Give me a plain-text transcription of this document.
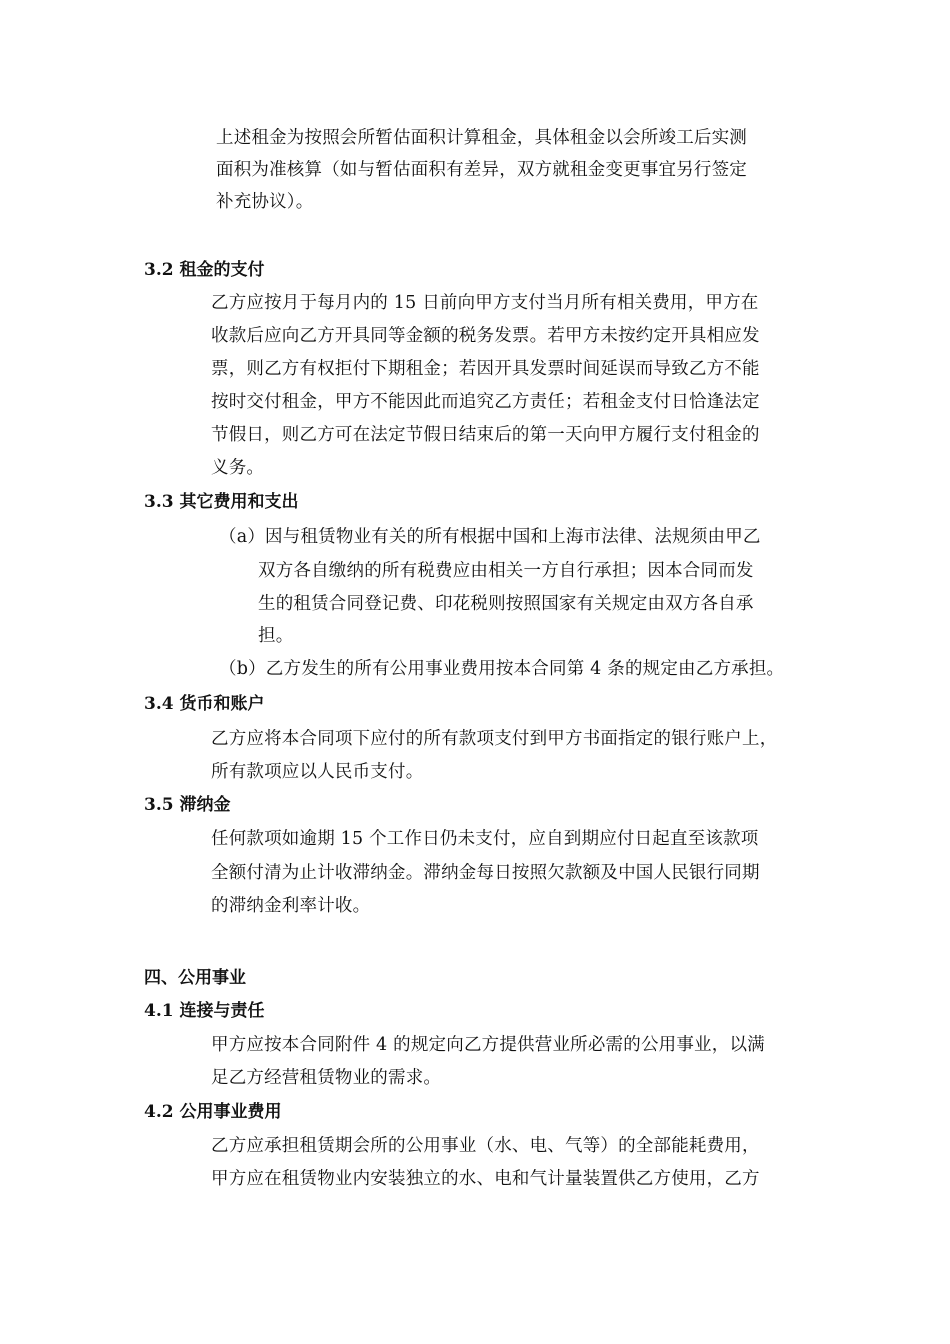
上述租金为按照会所暂估面积计算租金，具体租金以会所竣工后实测
面积为准核算（如与暂估面积有差异，双方就租金变更事宜另行签定
补充协议）。
3.2 租金的支付
乙方应按月于每月内的 15 日前向甲方支付当月所有相关费用，甲方在
收款后应向乙方开具同等金额的税务发票。若甲方未按约定开具相应发
票，则乙方有权拒付下期租金；若因开具发票时间延误而导致乙方不能
按时交付租金，甲方不能因此而追究乙方责任；若租金支付日恰逢法定
节假日，则乙方可在法定节假日结束后的第一天向甲方履行支付租金的
义务。
3.3 其它费用和支出
（a）因与租赁物业有关的所有根据中国和上海市法律、法规须由甲乙
双方各自缴纳的所有税费应由相关一方自行承担；因本合同而发
生的租赁合同登记费、印花税则按照国家有关规定由双方各自承
担。
（b）乙方发生的所有公用事业费用按本合同第 4 条的规定由乙方承担。
3.4 货币和账户
乙方应将本合同项下应付的所有款项支付到甲方书面指定的银行账户上，
所有款项应以人民币支付。
3.5 滞纳金
任何款项如逾期 15 个工作日仍未支付，应自到期应付日起直至该款项
全额付清为止计收滞纳金。滞纳金每日按照欠款额及中国人民银行同期
的滞纳金利率计收。
四、公用事业
4.1 连接与责任
甲方应按本合同附件 4 的规定向乙方提供营业所必需的公用事业，以满
足乙方经营租赁物业的需求。
4.2 公用事业费用
乙方应承担租赁期会所的公用事业（水、电、气等）的全部能耗费用，
甲方应在租赁物业内安装独立的水、电和气计量装置供乙方使用，乙方
